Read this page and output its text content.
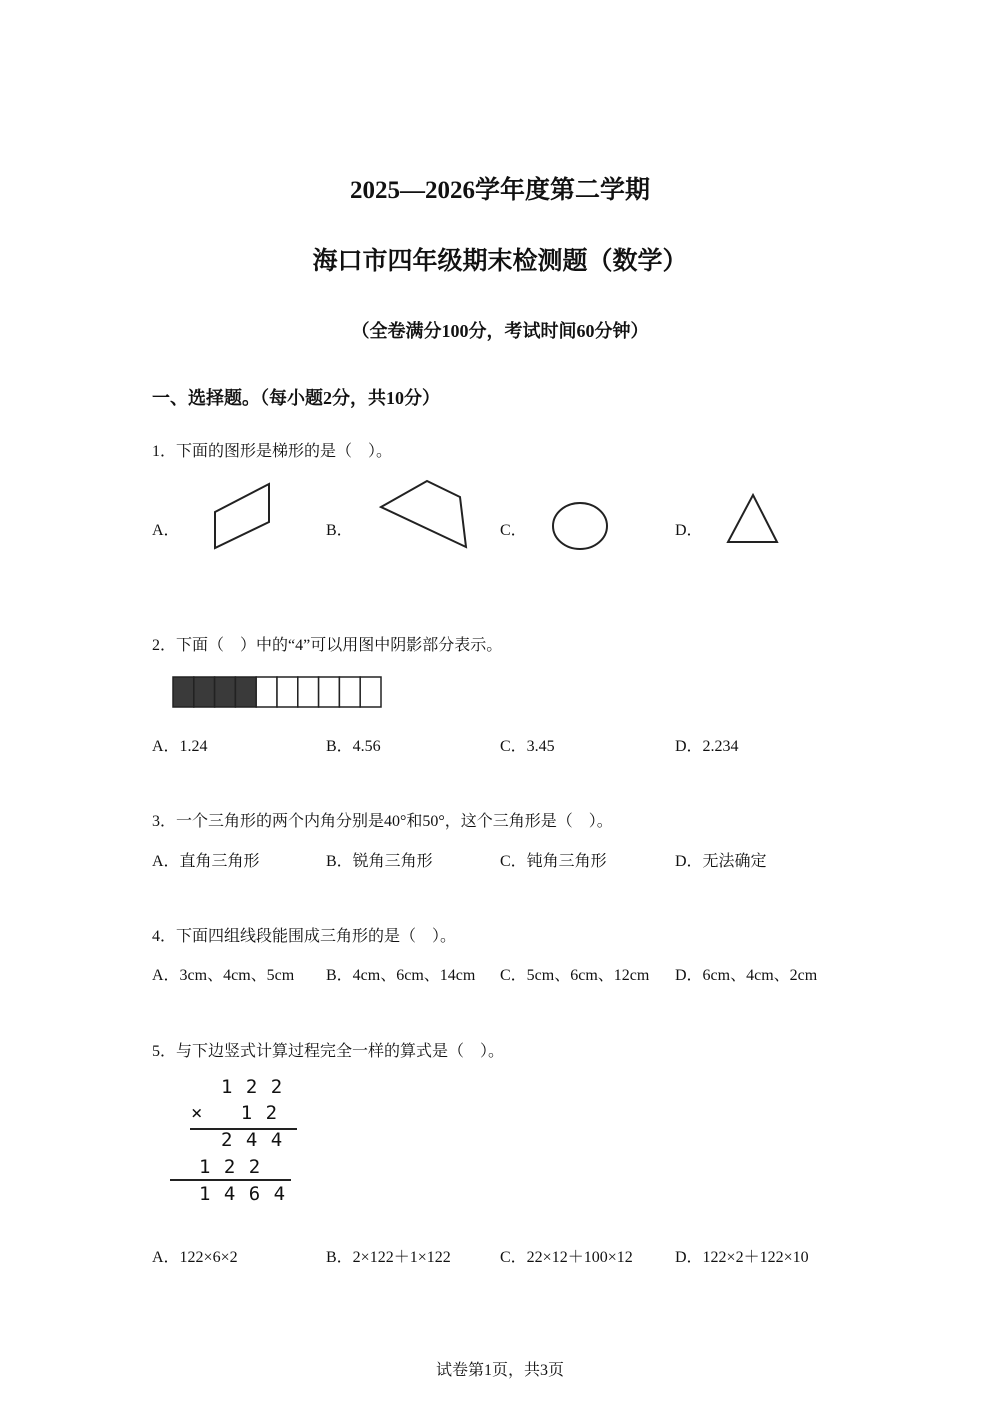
2025—2026学年度第二学期
海口市四年级期末检测题（数学）
（全卷满分100分，考试时间60分钟）
一、选择题。（每小题2分，共10分）
1．下面的图形是梯形的是（　）。
A．	B．	C．	D．
2．下面（　）中的“4”可以用图中阴影部分表示。
A．1.24	B．4.56	C．3.45	D．2.234
3．一个三角形的两个内角分别是40°和50°，这个三角形是（　）。
A．直角三角形	B．锐角三角形	C．钝角三角形	D．无法确定
4．下面四组线段能围成三角形的是（　）。
A．3cm、4cm、5cm B．4cm、6cm、14cm C．5cm、6cm、12cm D．6cm、4cm、2cm
5．与下边竖式计算过程完全一样的算式是（　）。
1 2 2
×   1 2
2 4 4
1 2 2
1 4 6 4
A．122×6×2	B．2×122＋1×122	C．22×12＋100×12	D．122×2＋122×10
试卷第1页，共3页
